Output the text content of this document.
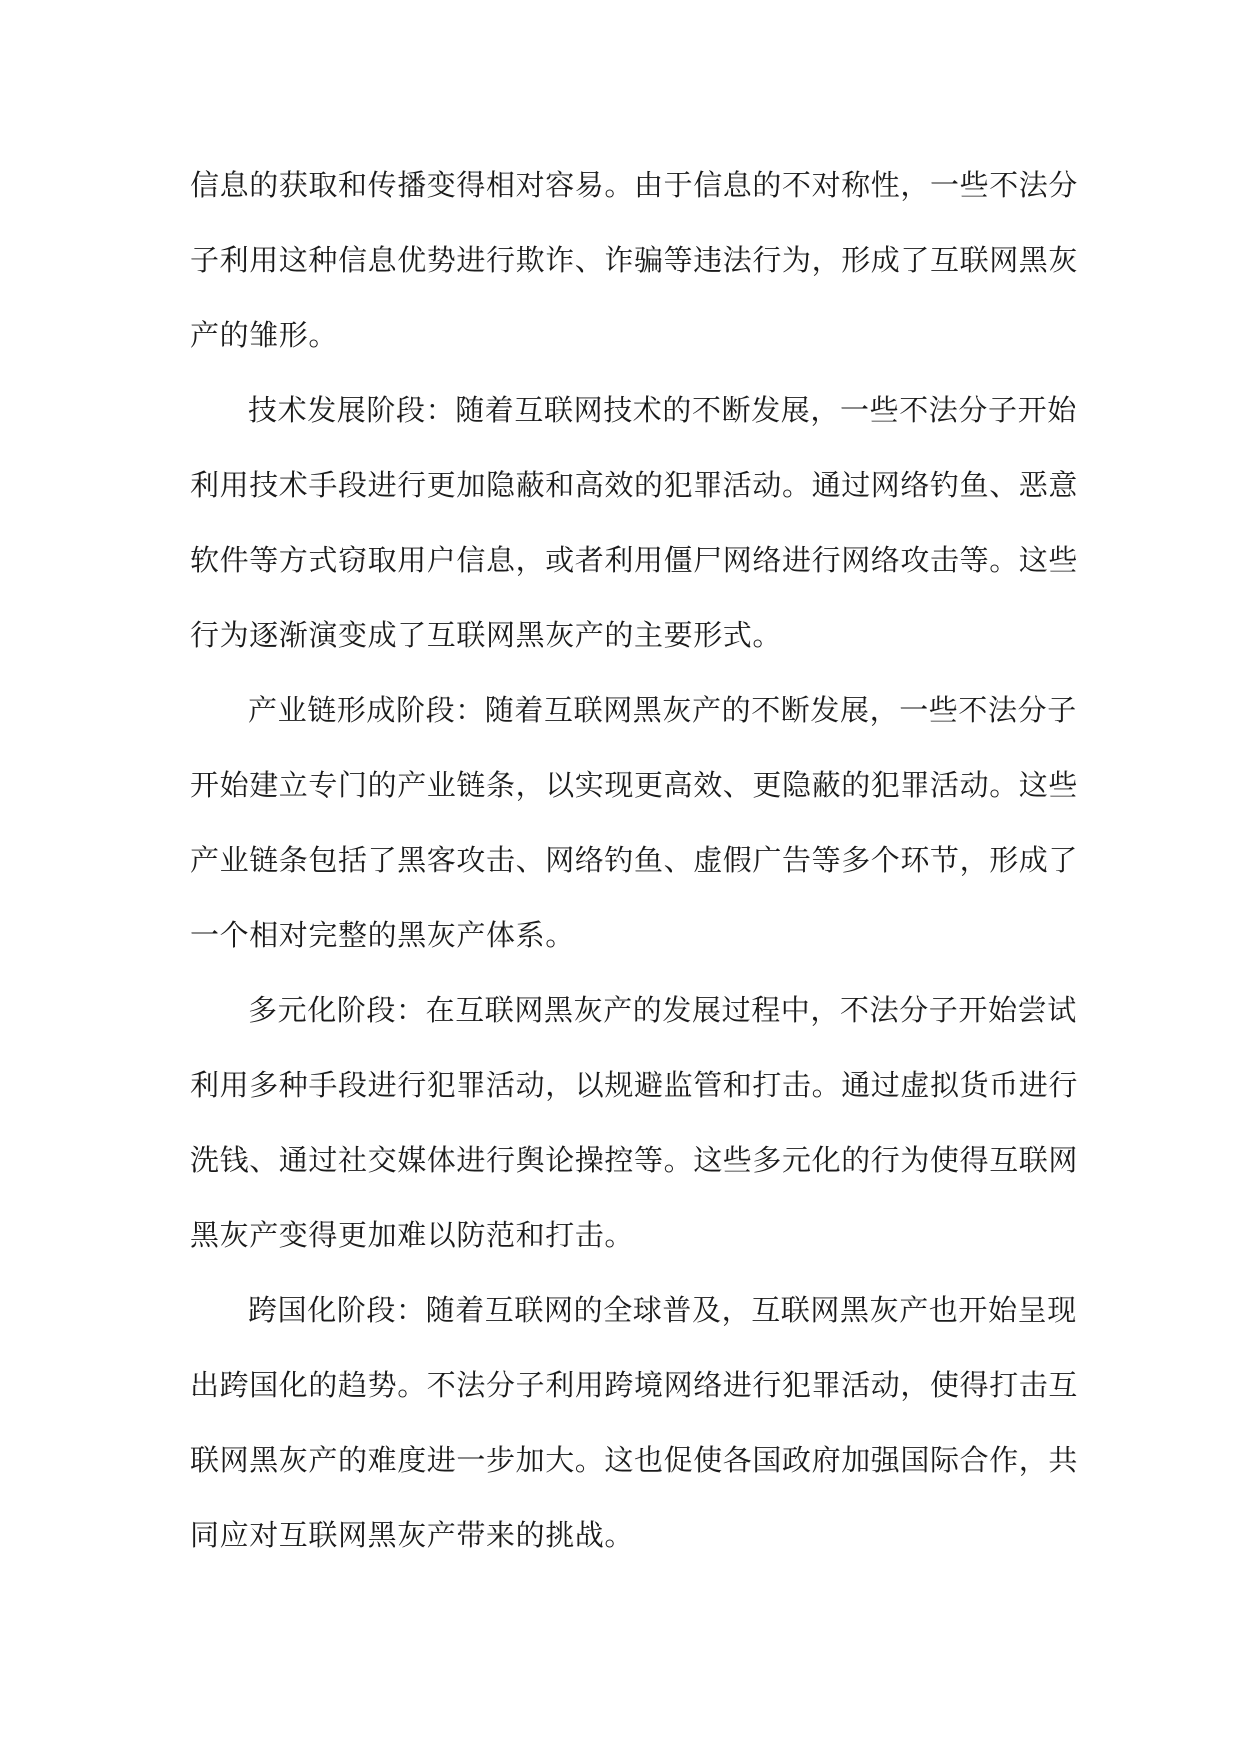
信息的获取和传播变得相对容易。由于信息的不对称性，一些不法分
子利用这种信息优势进行欺诈、诈骗等违法行为，形成了互联网黑灰
产的雏形。

技术发展阶段：随着互联网技术的不断发展，一些不法分子开始
利用技术手段进行更加隐蔽和高效的犯罪活动。通过网络钓鱼、恶意
软件等方式窃取用户信息，或者利用僵尸网络进行网络攻击等。这些
行为逐渐演变成了互联网黑灰产的主要形式。

产业链形成阶段：随着互联网黑灰产的不断发展，一些不法分子
开始建立专门的产业链条，以实现更高效、更隐蔽的犯罪活动。这些
产业链条包括了黑客攻击、网络钓鱼、虚假广告等多个环节，形成了
一个相对完整的黑灰产体系。

多元化阶段：在互联网黑灰产的发展过程中，不法分子开始尝试
利用多种手段进行犯罪活动，以规避监管和打击。通过虚拟货币进行
洗钱、通过社交媒体进行舆论操控等。这些多元化的行为使得互联网
黑灰产变得更加难以防范和打击。

跨国化阶段：随着互联网的全球普及，互联网黑灰产也开始呈现
出跨国化的趋势。不法分子利用跨境网络进行犯罪活动，使得打击互
联网黑灰产的难度进一步加大。这也促使各国政府加强国际合作，共
同应对互联网黑灰产带来的挑战。
